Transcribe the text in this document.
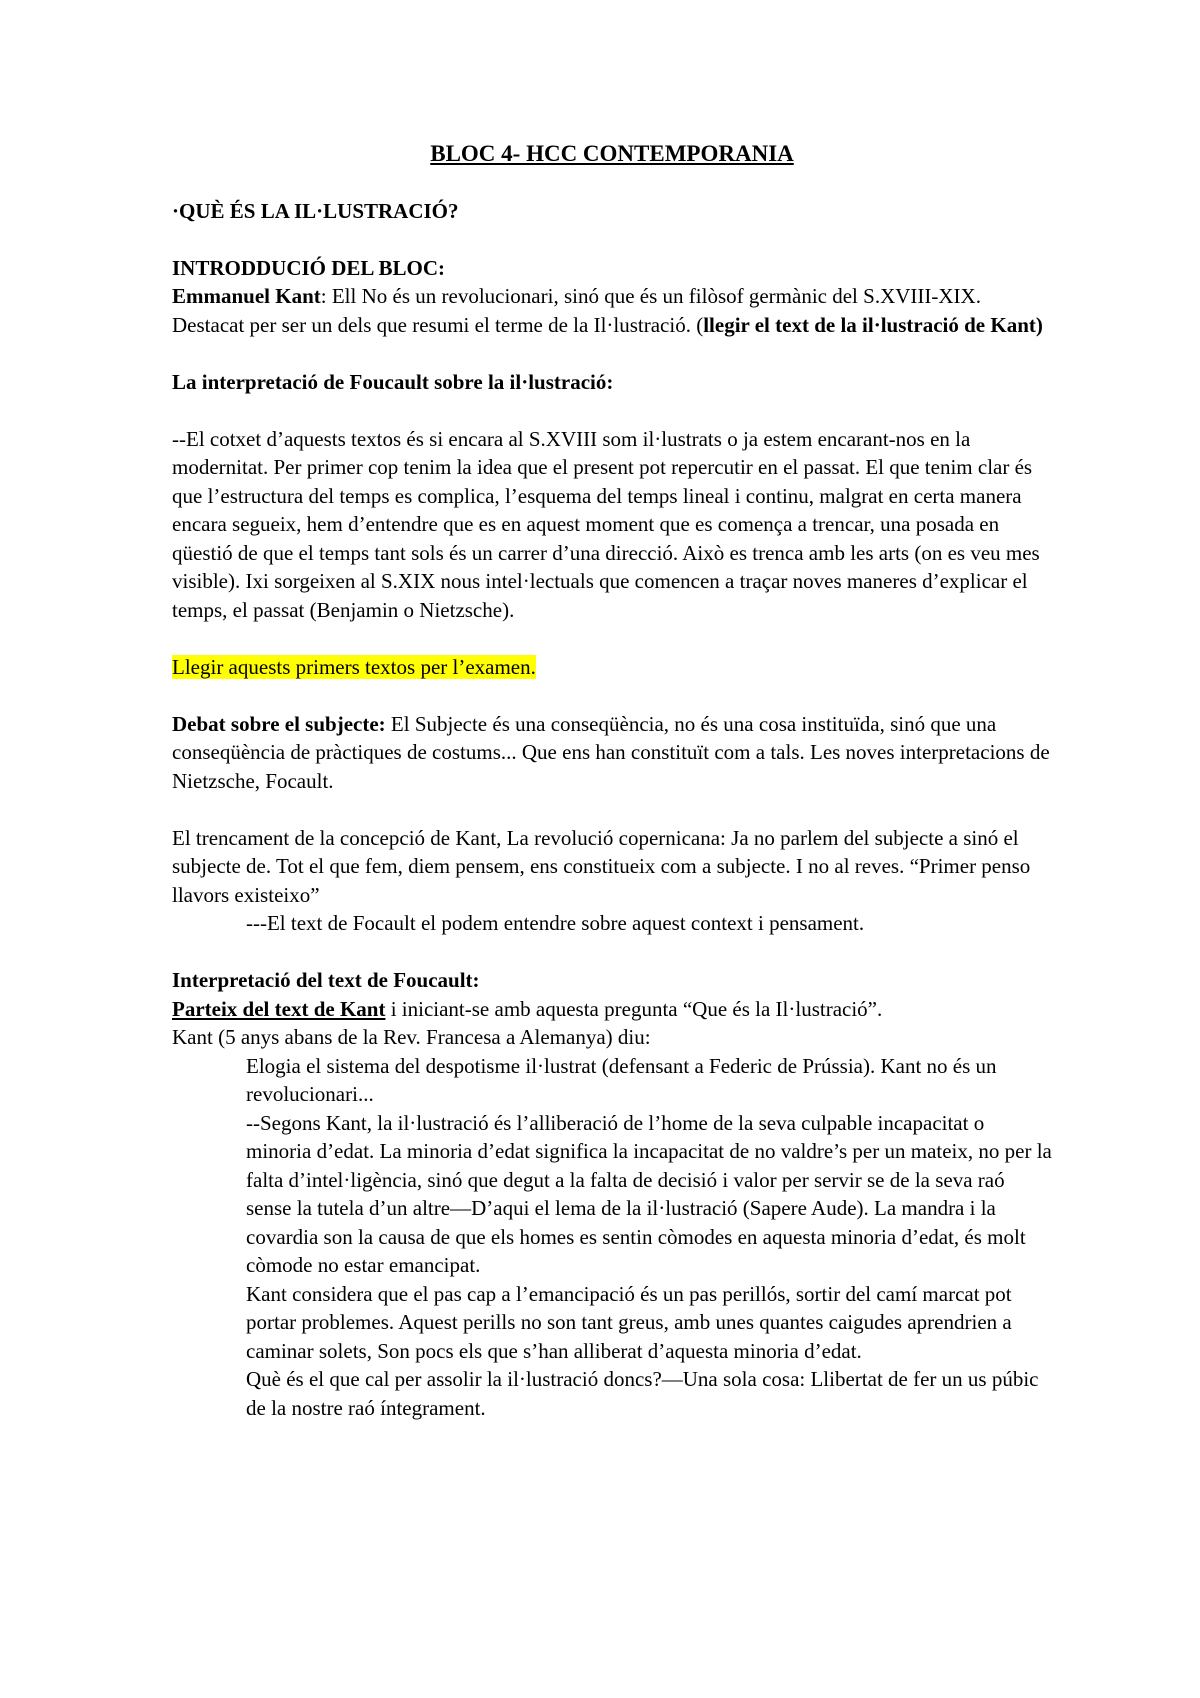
BLOC 4- HCC CONTEMPORANIA

·QUÈ ÉS LA IL·LUSTRACIÓ?

INTRODDUCIÓ DEL BLOC:

Emmanuel Kant: Ell No és un revolucionari, sinó que és un filòsof germànic del S.XVIII-XIX. Destacat per ser un dels que resumi el terme de la Il·lustració. (llegir el text de la il·lustració de Kant)

La interpretació de Foucault sobre la il·lustració:

--El cotxet d’aquests textos és si encara al S.XVIII som il·lustrats o ja estem encarant-nos en la modernitat. Per primer cop tenim la idea que el present pot repercutir en el passat. El que tenim clar és que l’estructura del temps es complica, l’esquema del temps lineal i continu, malgrat en certa manera encara segueix, hem d’entendre que es en aquest moment que es comença a trencar, una posada en qüestió de que el temps tant sols és un carrer d’una direcció. Això es trenca amb les arts (on es veu mes visible). Ixi sorgeixen al S.XIX nous intel·lectuals que comencen a traçar noves maneres d’explicar el temps, el passat (Benjamin o Nietzsche).

Llegir aquests primers textos per l’examen.

Debat sobre el subjecte: El Subjecte és una conseqüència, no és una cosa instituïda, sinó que una conseqüència de pràctiques de costums... Que ens han constituït com a tals. Les noves interpretacions de Nietzsche, Focault.

El trencament de la concepció de Kant, La revolució copernicana: Ja no parlem del subjecte a sinó el subjecte de. Tot el que fem, diem pensem, ens constitueix com a subjecte. I no al reves. “Primer penso llavors existeixo”

---El text de Focault el podem entendre sobre aquest context i pensament.

Interpretació del text de Foucault:

Parteix del text de Kant i iniciant-se amb aquesta pregunta “Que és la Il·lustració”.

Kant (5 anys abans de la Rev. Francesa a Alemanya) diu:

Elogia el sistema del despotisme il·lustrat (defensant a Federic de Prússia). Kant no és un revolucionari...

--Segons Kant, la il·lustració és l’alliberació de l’home de la seva culpable incapacitat o minoria d’edat. La minoria d’edat significa la incapacitat de no valdre’s per un mateix, no per la falta d’intel·ligència, sinó que degut a la falta de decisió i valor per servir se de la seva raó sense la tutela d’un altre—D’aqui el lema de la il·lustració (Sapere Aude). La mandra i la covardia son la causa de que els homes es sentin còmodes en aquesta minoria d’edat, és molt còmode no estar emancipat.

Kant considera que el pas cap a l’emancipació és un pas perillós, sortir del camí marcat pot portar problemes. Aquest perills no son tant greus, amb unes quantes caigudes aprendrien a caminar solets, Son pocs els que s’han alliberat d’aquesta minoria d’edat.

Què és el que cal per assolir la il·lustració doncs?—Una sola cosa: Llibertat de fer un us púbic de la nostre raó íntegrament.
